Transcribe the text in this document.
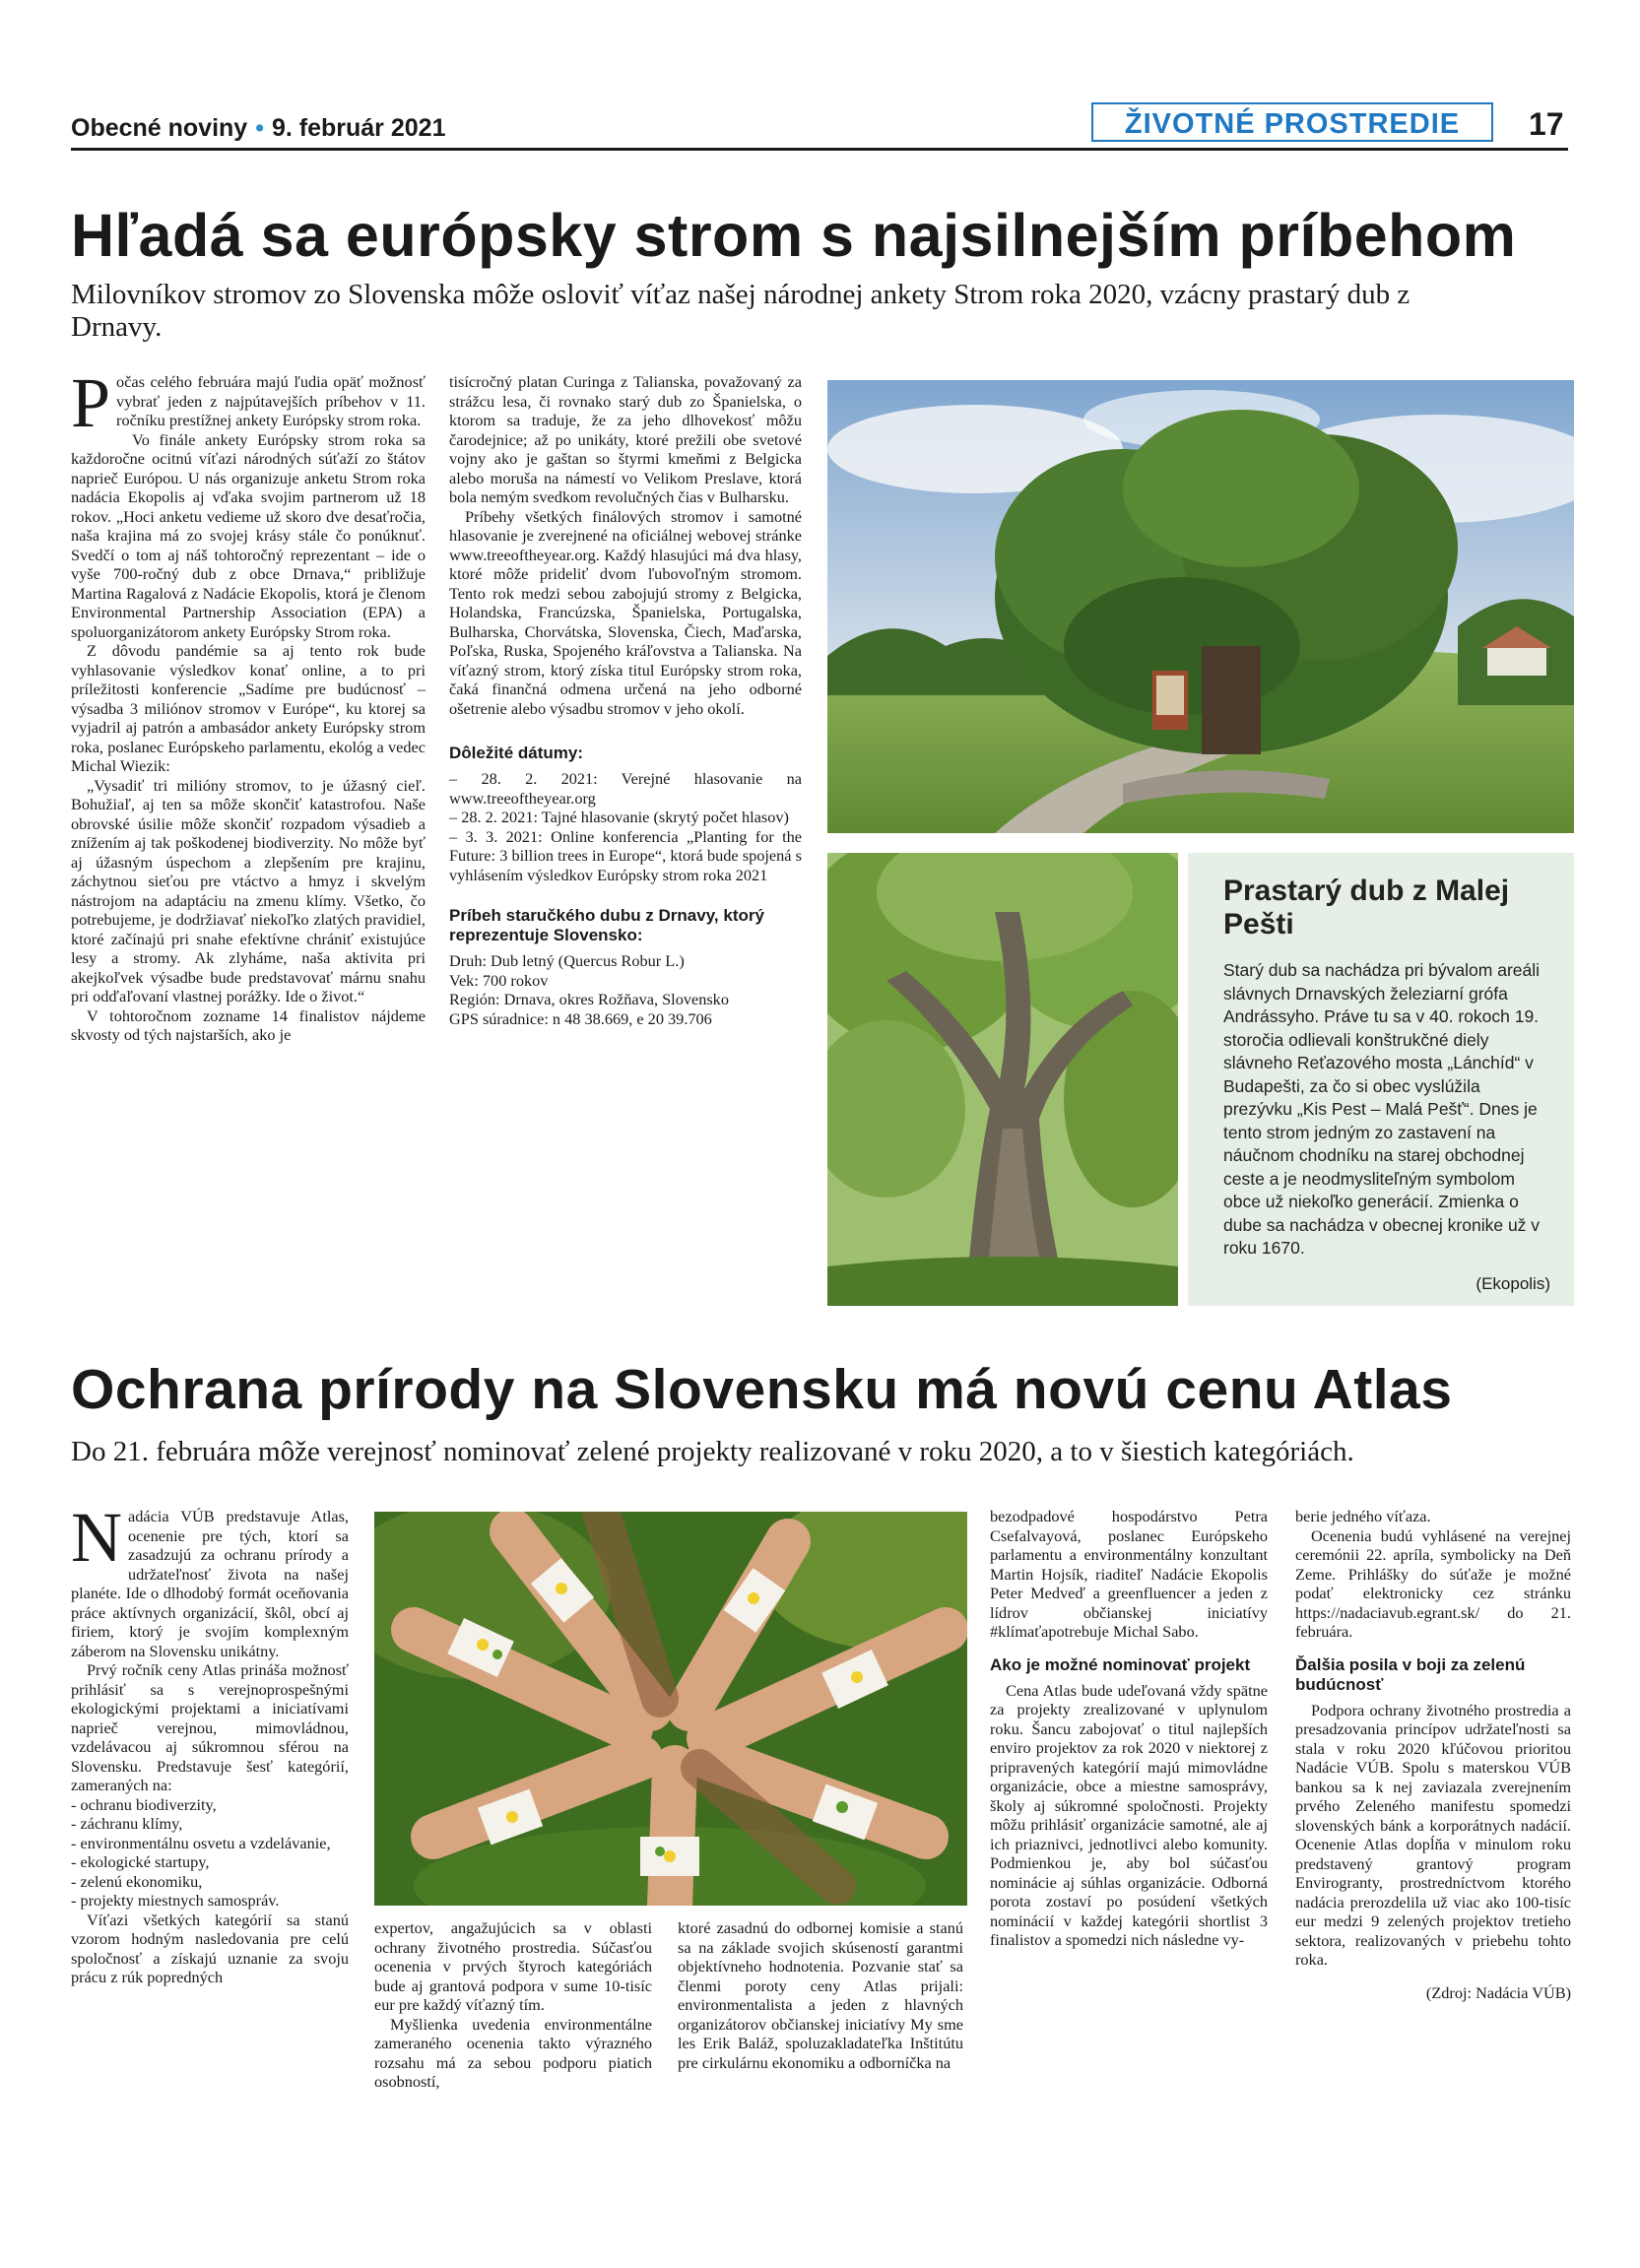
Obecné noviny • 9. február 2021	ŽIVOTNÉ PROSTREDIE	17
Hľadá sa európsky strom s najsilnejším príbehom
Milovníkov stromov zo Slovenska môže osloviť víťaz našej národnej ankety Strom roka 2020, vzácny prastarý dub z Drnavy.
P očas celého februára majú ľudia opäť možnosť vybrať jeden z najpútavejších príbehov v 11. ročníku prestížnej ankety Európsky strom roka.

Vo finále ankety Európsky strom roka sa každoročne ocitnú víťazi národných súťaží zo štátov naprieč Európou. U nás organizuje anketu Strom roka nadácia Ekopolis aj vďaka svojim partnerom už 18 rokov. „Hoci anketu vedieme už skoro dve desaťročia, naša krajina má zo svojej krásy stále čo ponúknuť. Svedčí o tom aj náš tohtoročný reprezentant – ide o vyše 700-ročný dub z obce Drnava,“ približuje Martina Ragalová z Nadácie Ekopolis, ktorá je členom Environmental Partnership Association (EPA) a spoluorganizátorom ankety Európsky Strom roka.

Z dôvodu pandémie sa aj tento rok bude vyhlasovanie výsledkov konať online, a to pri príležitosti konferencie „Sadíme pre budúcnosť – výsadba 3 miliónov stromov v Európe“, ku ktorej sa vyjadril aj patrón a ambasádor ankety Európsky strom roka, poslanec Európskeho parlamentu, ekológ a vedec Michal Wiezik:

„Vysadiť tri milióny stromov, to je úžasný cieľ. Bohužiaľ, aj ten sa môže skončiť katastrofou. Naše obrovské úsilie môže skončiť rozpadom výsadieb a znížením aj tak poškodenej biodiverzity. No môže byť aj úžasným úspechom a zlepšením pre krajinu, záchytnou sieťou pre vtáctvo a hmyz i skvelým nástrojom na adaptáciu na zmenu klímy. Všetko, čo potrebujeme, je dodržiavať niekoľko zlatých pravidiel, ktoré začínajú pri snahe efektívne chrániť existujúce lesy a stromy. Ak zlyháme, naša aktivita pri akejkoľvek výsadbe bude predstavovať márnu snahu pri odďaľovaní vlastnej porážky. Ide o život.“

V tohtoročnom zozname 14 finalistov nájdeme skvosty od tých najstarších, ako je

tisícročný platan Curinga z Talianska, považovaný za strážcu lesa, či rovnako starý dub zo Španielska, o ktorom sa traduje, že za jeho dlhovekosť môžu čarodejnice; až po unikáty, ktoré prežili obe svetové vojny ako je gaštan so štyrmi kmeňmi z Belgicka alebo moruša na námestí vo Velikom Preslave, ktorá bola nemým svedkom revolučných čias v Bulharsku.

Príbehy všetkých finálových stromov i samotné hlasovanie je zverejnené na oficiálnej webovej stránke www.treeoftheyear.org. Každý hlasujúci má dva hlasy, ktoré môže prideliť dvom ľubovoľným stromom. Tento rok medzi sebou zabojujú stromy z Belgicka, Holandska, Francúzska, Španielska, Portugalska, Bulharska, Chorvátska, Slovenska, Čiech, Maďarska, Poľska, Ruska, Spojeného kráľovstva a Talianska. Na víťazný strom, ktorý získa titul Európsky strom roka, čaká finančná odmena určená na jeho odborné ošetrenie alebo výsadbu stromov v jeho okolí.

Dôležité dátumy:
– 28. 2. 2021: Verejné hlasovanie na www.treeoftheyear.org
– 28. 2. 2021: Tajné hlasovanie (skrytý počet hlasov)
– 3. 3. 2021: Online konferencia „Planting for the Future: 3 billion trees in Europe“, ktorá bude spojená s vyhlásením výsledkov Európsky strom roka 2021
Príbeh staručkého dubu z Drnavy, ktorý reprezentuje Slovensko:
Druh: Dub letný (Quercus Robur L.)
Vek: 700 rokov
Región: Drnava, okres Rožňava, Slovensko
GPS súradnice: n 48 38.669, e 20 39.706
Prastarý dub z Malej Pešti
Starý dub sa nachádza pri bývalom areáli slávnych Drnavských železiarní grófa Andrássyho. Práve tu sa v 40. rokoch 19. storočia odlievali konštrukčné diely slávneho Reťazového mosta „Lánchíd“ v Budapešti, za čo si obec vyslúžila prezývku „Kis Pest – Malá Pešť“. Dnes je tento strom jedným zo zastavení na náučnom chodníku na starej obchodnej ceste a je neodmysliteľným symbolom obce už niekoľko generácií. Zmienka o dube sa nachádza v obecnej kronike už v roku 1670.
(Ekopolis)
Ochrana prírody na Slovensku má novú cenu Atlas
Do 21. februára môže verejnosť nominovať zelené projekty realizované v roku 2020, a to v šiestich kategóriách.
N adácia VÚB predstavuje Atlas, ocenenie pre tých, ktorí sa zasadzujú za ochranu prírody a udržateľnosť života na našej planéte. Ide o dlhodobý formát oceňovania práce aktívnych organizácií, škôl, obcí aj firiem, ktorý je svojím komplexným záberom na Slovensku unikátny.

Prvý ročník ceny Atlas prináša možnosť prihlásiť sa s verejnoprospešnými ekologickými projektami a iniciatívami naprieč verejnou, mimovládnou, vzdelávacou aj súkromnou sférou na Slovensku. Predstavuje šesť kategórií, zameraných na:

- ochranu biodiverzity,
- záchranu klímy,
- environmentálnu osvetu a vzdelávanie,
- ekologické startupy,
- zelenú ekonomiku,
- projekty miestnych samospráv.

Víťazi všetkých kategórií sa stanú vzorom hodným nasledovania pre celú spoločnosť a získajú uznanie za svoju prácu z rúk popredných

expertov, angažujúcich sa v oblasti ochrany životného prostredia. Súčasťou ocenenia v prvých štyroch kategóriách bude aj grantová podpora v sume 10-tisíc eur pre každý víťazný tím.

Myšlienka uvedenia environmentálne zameraného ocenenia takto výrazného rozsahu má za sebou podporu piatich osobností,

ktoré zasadnú do odbornej komisie a stanú sa na základe svojich skúseností garantmi objektívneho hodnotenia. Pozvanie stať sa členmi poroty ceny Atlas prijali: environmentalista a jeden z hlavných organizátorov občianskej iniciatívy My sme les Erik Baláž, spoluzakladateľka Inštitútu pre cirkulárnu ekonomiku a odborníčka na

bezodpadové hospodárstvo Petra Csefalvayová, poslanec Európskeho parlamentu a environmentálny konzultant Martin Hojsík, riaditeľ Nadácie Ekopolis Peter Medveď a greenfluencer a jeden z lídrov občianskej iniciatívy #klímaťapotrebuje Michal Sabo.

Ako je možné nominovať projekt

Cena Atlas bude udeľovaná vždy spätne za projekty zrealizované v uplynulom roku. Šancu zabojovať o titul najlepších enviro projektov za rok 2020 v niektorej z pripravených kategórií majú mimovládne organizácie, obce a miestne samosprávy, školy aj súkromné spoločnosti. Projekty môžu prihlásiť organizácie samotné, ale aj ich priaznivci, jednotlivci alebo komunity. Podmienkou je, aby bol súčasťou nominácie aj súhlas organizácie. Odborná porota zostaví po posúdení všetkých nominácií v každej kategórii shortlist 3 finalistov a spomedzi nich následne vy-

berie jedného víťaza.

Ocenenia budú vyhlásené na verejnej ceremónii 22. apríla, symbolicky na Deň Zeme. Prihlášky do súťaže je možné podať elektronicky cez stránku https://nadaciavub.egrant.sk/ do 21. februára.

Ďalšia posila v boji za zelenú budúcnosť

Podpora ochrany životného prostredia a presadzovania princípov udržateľnosti sa stala v roku 2020 kľúčovou prioritou Nadácie VÚB. Spolu s materskou VÚB bankou sa k nej zaviazala zverejnením prvého Zeleného manifestu spomedzi slovenských bánk a korporátnych nadácií. Ocenenie Atlas dopĺňa v minulom roku predstavený grantový program Envirogranty, prostredníctvom ktorého nadácia prerozdelila už viac ako 100-tisíc eur medzi 9 zelených projektov tretieho sektora, realizovaných v priebehu tohto roka.

(Zdroj: Nadácia VÚB)
